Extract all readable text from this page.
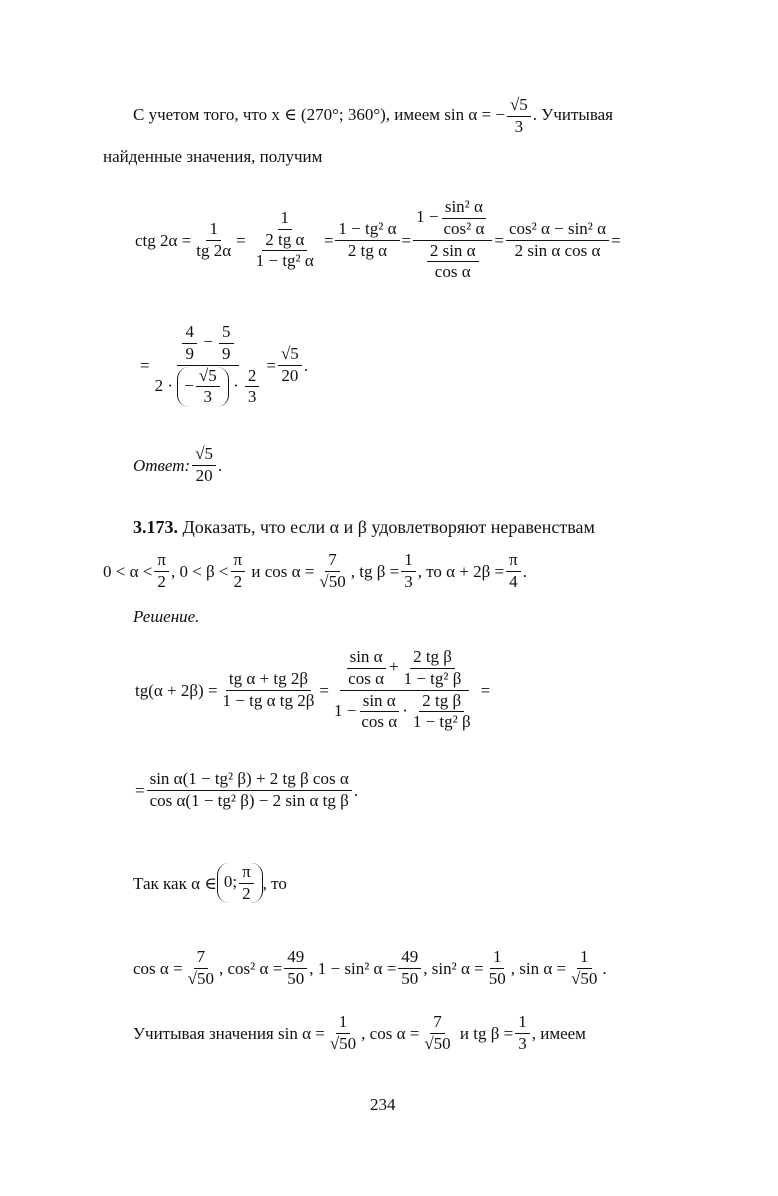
С учетом того, что x ∈ (270°; 360°), имеем sin α = − $\frac{√5}{3}$ . Учитывая
найденные значения, получим
ctg $2\alpha = \frac{1}{tg 2\alpha} = \frac{1}{\frac{\text{2 tg α}}{\text{1 − tg² α}}} = \frac{\text{1 − tg² α}}{\text{2 tg α}} = \frac{1 - \frac{\text{sin² α}}{\text{cos² α}}}{\frac{\text{2 sin α}}{\text{cos α}}} = \frac{\text{cos² α − sin² α}}{\text{2 sin α cos α}}$ =
= $\frac{\frac{4}{9} - \frac{5}{9}}{2 \cdot - \frac{√5}{3} \cdot \frac{2}{3}} = \frac{√5}{20}$ .
Ответ: $\frac{√5}{20}$ .
3.173. Доказать, что если α и β удовлетворяют неравенствам
$0 < \alpha < \frac{\pi}{2}$ , $0 < \beta < \frac{\pi}{2}$
и $\cos \alpha = \frac{7}{√50}$ , tg $\beta = \frac{1}{3}$ , то $\alpha + 2\beta = \frac{\pi}{4}$ .
Решение.
$tg(\alpha + 2\beta) = \frac{\text{tg α + tg 2β}}{\text{1 − tg α tg 2β}} = \frac{\frac{\text{sin α}}{\text{cos α}} + \frac{\text{2 tg β}}{\text{1 − tg² β}}}{1 - \frac{\text{sin α}}{\text{cos α}} \cdot \frac{\text{2 tg β}}{\text{1 − tg² β}}}$ =
= $\frac{\text{sin α(1 − tg² β) + 2 tg β cos α}}{\text{cos α(1 − tg² β) − 2 sin α tg β}}$ .
Так как α ∈ 0; $\frac{\pi}{2}$ , то
$\cos \alpha = \frac{7}{√50}$ , cos² $\alpha = \frac{49}{50}$ , 1 − sin² $\alpha = \frac{49}{50}$ , sin² $\alpha = \frac{1}{50}$ , $\sin \alpha = \frac{1}{√50}$ .
Учитывая значения $\sin \alpha = \frac{1}{√50}$ , $\cos \alpha = \frac{7}{√50}$
и tg $\beta = \frac{1}{3}$ , имеем
234
